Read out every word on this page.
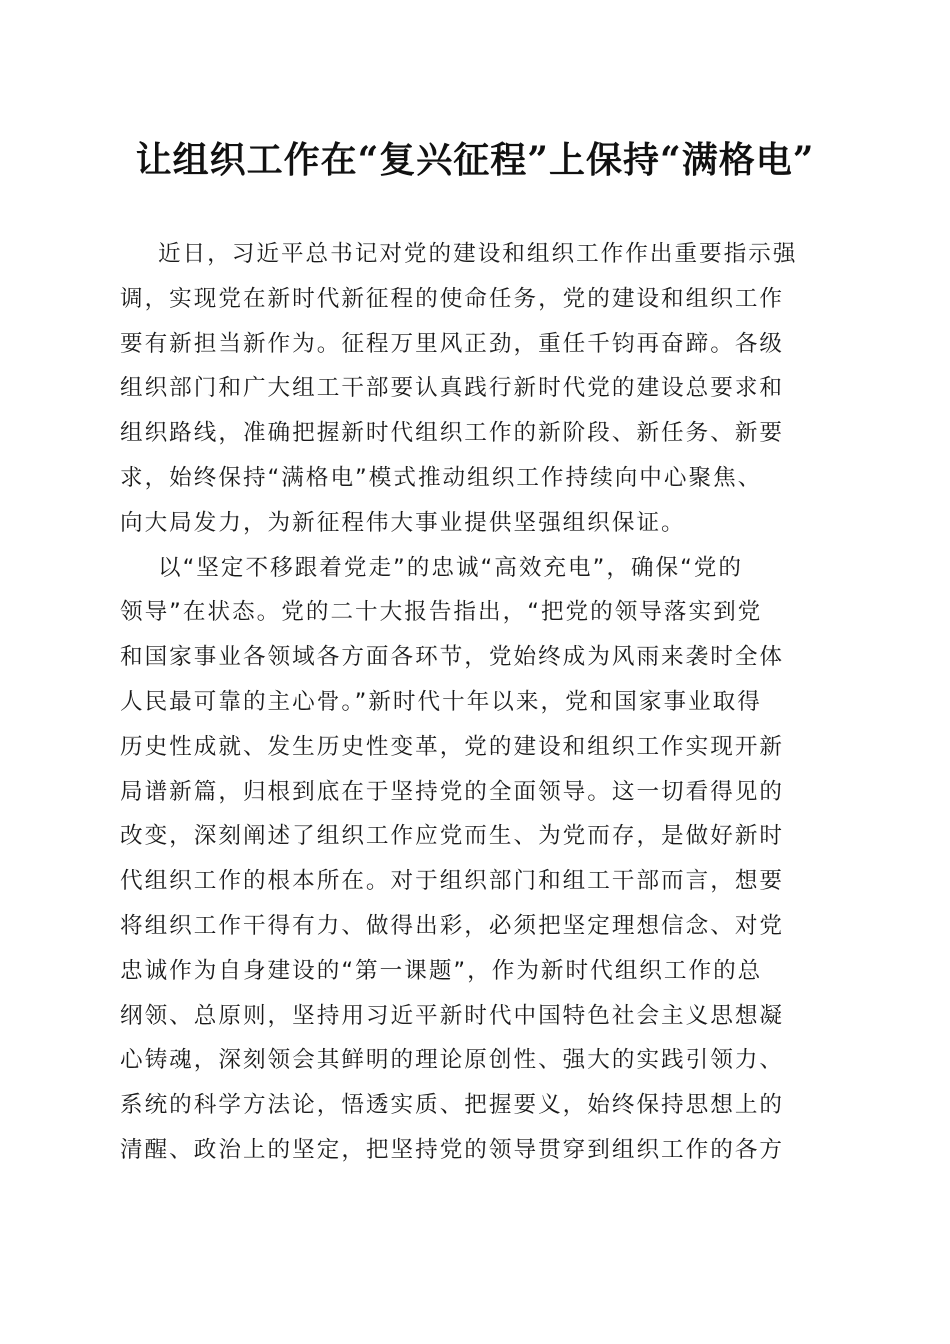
让组织工作在“复兴征程”上保持“满格电”
近日，习近平总书记对党的建设和组织工作作出重要指示强
调，实现党在新时代新征程的使命任务，党的建设和组织工作
要有新担当新作为。征程万里风正劲，重任千钧再奋蹄。各级
组织部门和广大组工干部要认真践行新时代党的建设总要求和
组织路线，准确把握新时代组织工作的新阶段、新任务、新要
求，始终保持“满格电”模式推动组织工作持续向中心聚焦、
向大局发力，为新征程伟大事业提供坚强组织保证。
以“坚定不移跟着党走”的忠诚“高效充电”，确保“党的
领导”在状态。党的二十大报告指出，“把党的领导落实到党
和国家事业各领域各方面各环节，党始终成为风雨来袭时全体
人民最可靠的主心骨。”新时代十年以来，党和国家事业取得
历史性成就、发生历史性变革，党的建设和组织工作实现开新
局谱新篇，归根到底在于坚持党的全面领导。这一切看得见的
改变，深刻阐述了组织工作应党而生、为党而存，是做好新时
代组织工作的根本所在。对于组织部门和组工干部而言，想要
将组织工作干得有力、做得出彩，必须把坚定理想信念、对党
忠诚作为自身建设的“第一课题”，作为新时代组织工作的总
纲领、总原则，坚持用习近平新时代中国特色社会主义思想凝
心铸魂，深刻领会其鲜明的理论原创性、强大的实践引领力、
系统的科学方法论，悟透实质、把握要义，始终保持思想上的
清醒、政治上的坚定，把坚持党的领导贯穿到组织工作的各方
